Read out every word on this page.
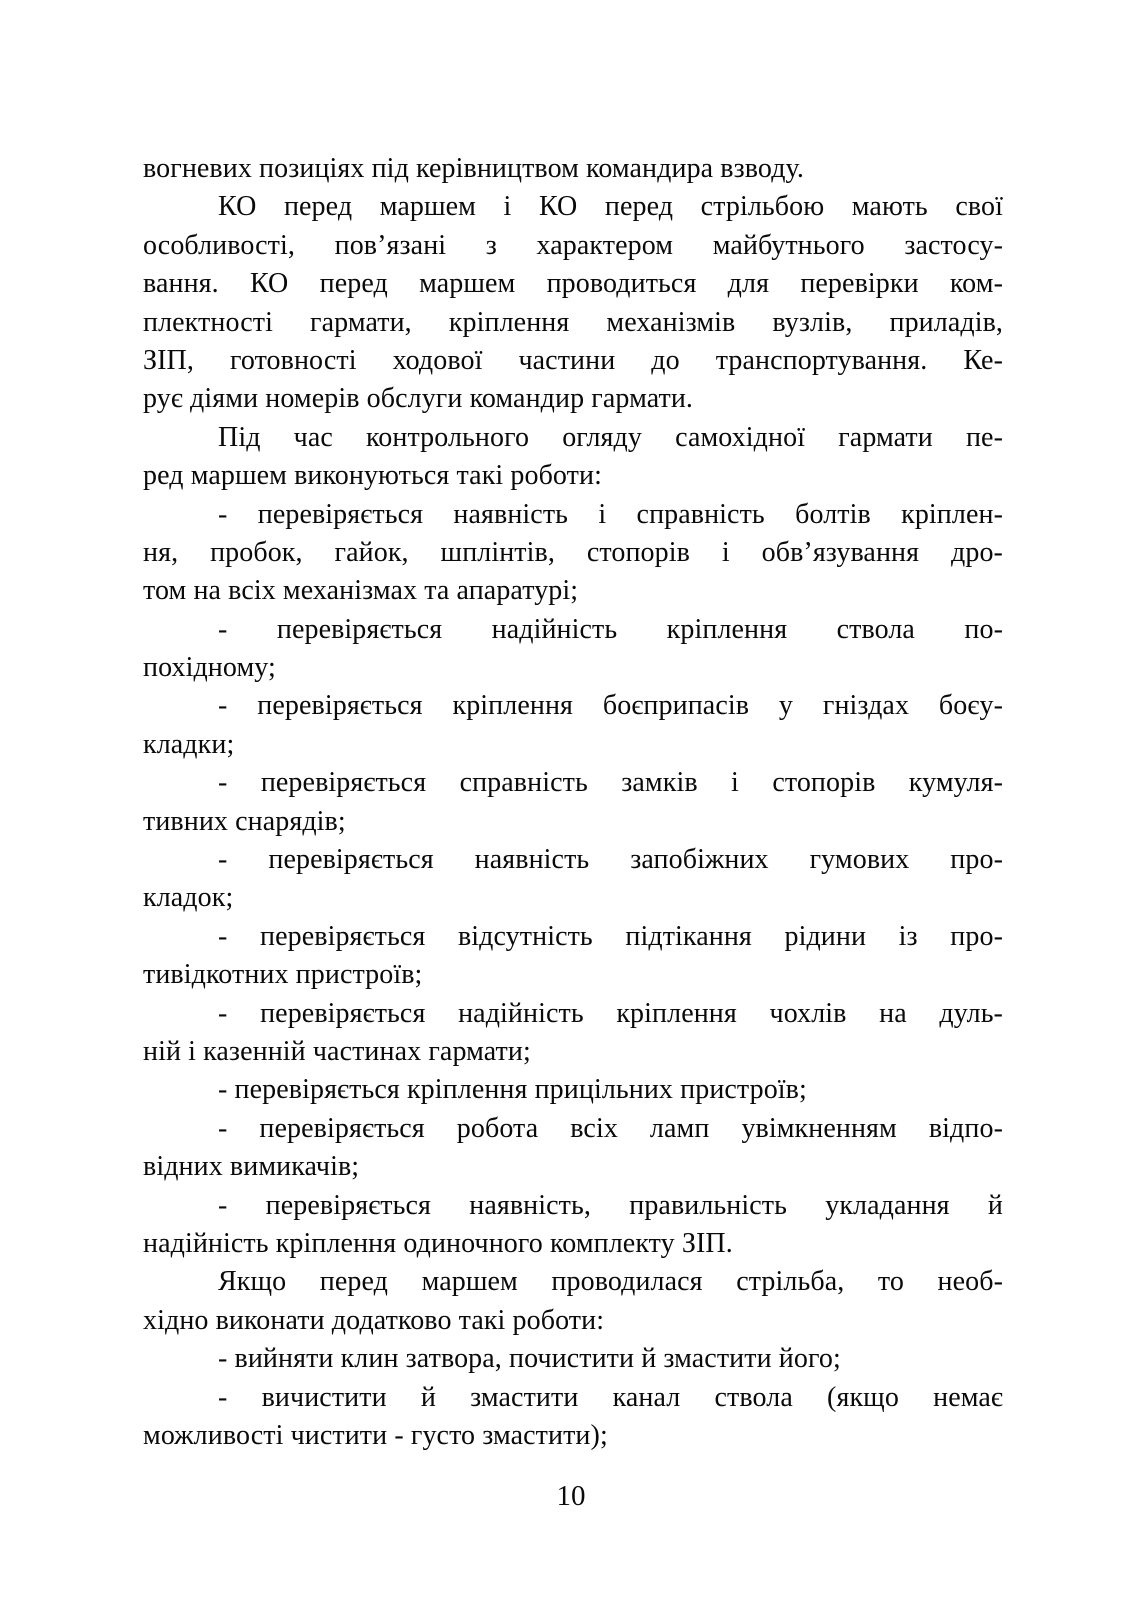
вогневих позиціях під керівництвом командира взводу.
КО перед маршем і КО перед стрільбою мають свої
особливості, пов’язані з характером майбутнього застосу-
вання. КО перед маршем проводиться для перевірки ком-
плектності гармати, кріплення механізмів вузлів, приладів,
ЗІП, готовності ходової частини до транспортування. Ке-
рує діями номерів обслуги командир гармати.
Під час контрольного огляду самохідної гармати пе-
ред маршем виконуються такі роботи:
- перевіряється наявність і справність болтів кріплен-
ня, пробок, гайок, шплінтів, стопорів і обв’язування дро-
том на всіх механізмах та апаратурі;
- перевіряється надійність кріплення ствола по-
похідному;
- перевіряється кріплення боєприпасів у гніздах боєу-
кладки;
- перевіряється справність замків і стопорів кумуля-
тивних снарядів;
- перевіряється наявність запобіжних гумових про-
кладок;
- перевіряється відсутність підтікання рідини із про-
тивідкотних пристроїв;
- перевіряється надійність кріплення чохлів на дуль-
ній і казенній частинах гармати;
- перевіряється кріплення прицільних пристроїв;
- перевіряється робота всіх ламп увімкненням відпо-
відних вимикачів;
- перевіряється наявність, правильність укладання й
надійність кріплення одиночного комплекту ЗІП.
Якщо перед маршем проводилася стрільба, то необ-
хідно виконати додатково такі роботи:
- вийняти клин затвора, почистити й змастити його;
- вичистити й змастити канал ствола (якщо немає
можливості чистити - густо змастити);
10
